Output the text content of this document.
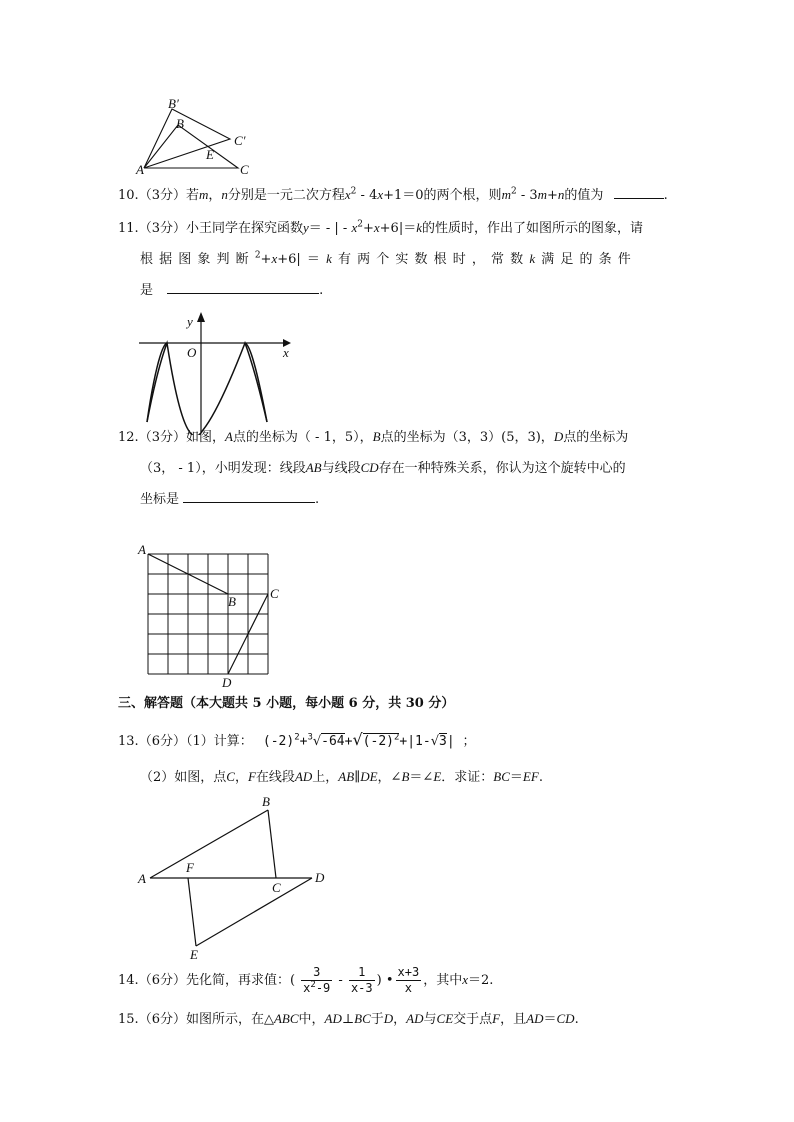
B′
B
C′
E
A	C
10.（3分）若m，n分别是一元二次方程$x^2 - 4x+1=0$的两个根，则$m^2 - 3m+n$的值为	.
11.（3分）小王同学在探究函数y＝ - | - $x^2+x+6|=k$的性质时，作出了如图所示的图象，请
根 据 图 象 判 断 $^2$+x+6| ＝ k 有 两 个 实 数 根 时 ， 常 数 k 满 足 的 条 件
是	.
y
O	x
12.（3分）如图，A点的坐标为（ - 1，5），B点的坐标为（3，3）(5，3)，D点的坐标为
（3， - 1），小明发现：线段AB与线段CD存在一种特殊关系，你认为这个旋转中心的
坐标是	.
A
B
C
D
三、解答题（本大题共 5 小题，每小题 6 分，共 30 分）
13.（6分）（1）计算： $(-2)^2+^3√-64+√(-2)^2+|1-√3|$ ；
（2）如图，点C，F在线段AD上，AB∥DE，∠B＝∠E．求证：BC＝EF.
A
B
F
C
D
E
14.（6分）先化简，再求值：( $\frac{3}{x^2-9} - \frac{1}{x-3}$ ) • $\frac{x+3}{x}$ ，其中x＝2.
15.（6分）如图所示，在△ABC中，AD⊥BC于D，AD与CE交于点F，且AD＝CD.
